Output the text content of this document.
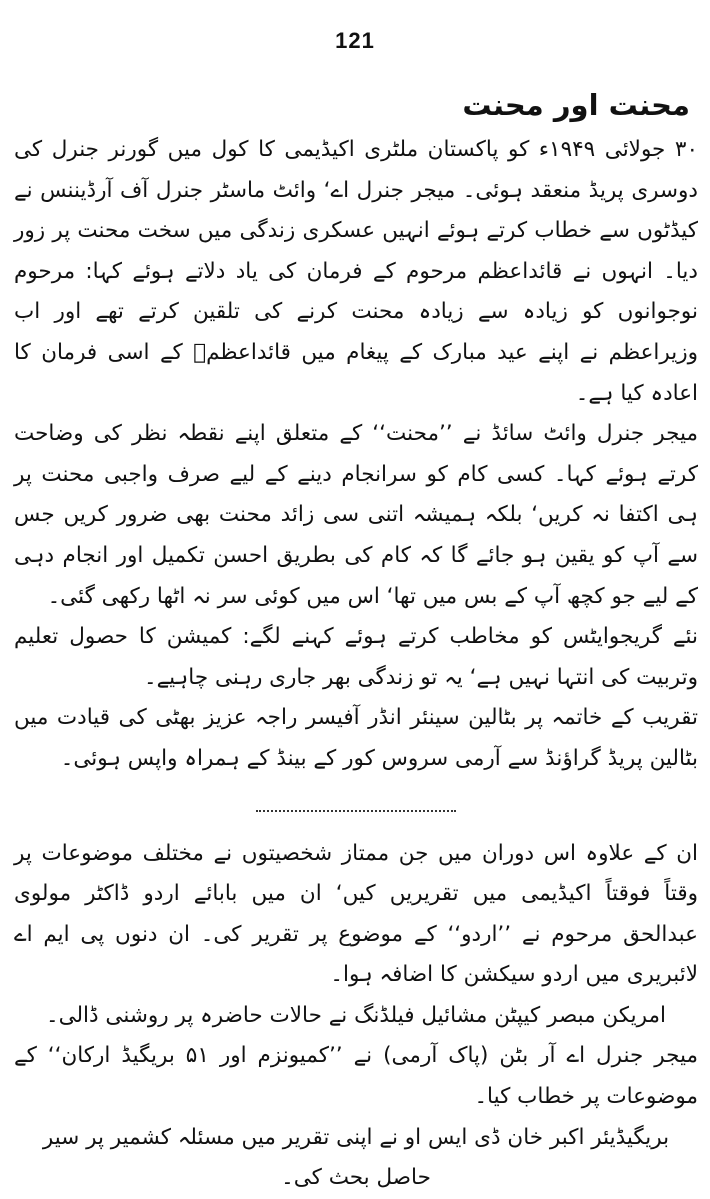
121
محنت اور محنت

۳۰ جولائی ۱۹۴۹ء کو پاکستان ملٹری اکیڈیمی کا کول میں گورنر جنرل کی دوسری پریڈ منعقد ہوئی۔ میجر جنرل اے‘ وائٹ ماسٹر جنرل آف آرڈیننس نے کیڈٹوں سے خطاب کرتے ہوئے انہیں عسکری زندگی میں سخت محنت پر زور دیا۔ انہوں نے قائداعظم مرحوم کے فرمان کی یاد دلاتے ہوئے کہا: مرحوم نوجوانوں کو زیادہ سے زیادہ محنت کرنے کی تلقین کرتے تھے اور اب وزیراعظم نے اپنے عید مبارک کے پیغام میں قائداعظمؒ کے اسی فرمان کا اعادہ کیا ہے۔

میجر جنرل وائٹ سائڈ نے ’’محنت‘‘ کے متعلق اپنے نقطہ نظر کی وضاحت کرتے ہوئے کہا۔ کسی کام کو سرانجام دینے کے لیے صرف واجبی محنت پر ہی اکتفا نہ کریں‘ بلکہ ہمیشہ اتنی سی زائد محنت بھی ضرور کریں جس سے آپ کو یقین ہو جائے گا کہ کام کی بطریق احسن تکمیل اور انجام دہی کے لیے جو کچھ آپ کے بس میں تھا‘ اس میں کوئی سر نہ اٹھا رکھی گئی۔

نئے گریجوایٹس کو مخاطب کرتے ہوئے کہنے لگے: کمیشن کا حصول تعلیم وتربیت کی انتہا نہیں ہے‘ یہ تو زندگی بھر جاری رہنی چاہیے۔

تقریب کے خاتمہ پر بٹالین سینئر انڈر آفیسر راجہ عزیز بھٹی کی قیادت میں بٹالین پریڈ گراؤنڈ سے آرمی سروس کور کے بینڈ کے ہمراہ واپس ہوئی۔

ان کے علاوہ اس دوران میں جن ممتاز شخصیتوں نے مختلف موضوعات پر وقتاً فوقتاً اکیڈیمی میں تقریریں کیں‘ ان میں بابائے اردو ڈاکٹر مولوی عبدالحق مرحوم نے ’’اردو‘‘ کے موضوع پر تقریر کی۔ ان دنوں پی ایم اے لائبریری میں اردو سیکشن کا اضافہ ہوا۔

امریکن مبصر کیپٹن مشائیل فیلڈنگ نے حالات حاضرہ پر روشنی ڈالی۔

میجر جنرل اے آر بٹن (پاک آرمی) نے ’’کمیونزم اور ۵۱ بریگیڈ ارکان‘‘ کے موضوعات پر خطاب کیا۔

بریگیڈیئر اکبر خان ڈی ایس او نے اپنی تقریر میں مسئلہ کشمیر پر سیر حاصل بحث کی۔
